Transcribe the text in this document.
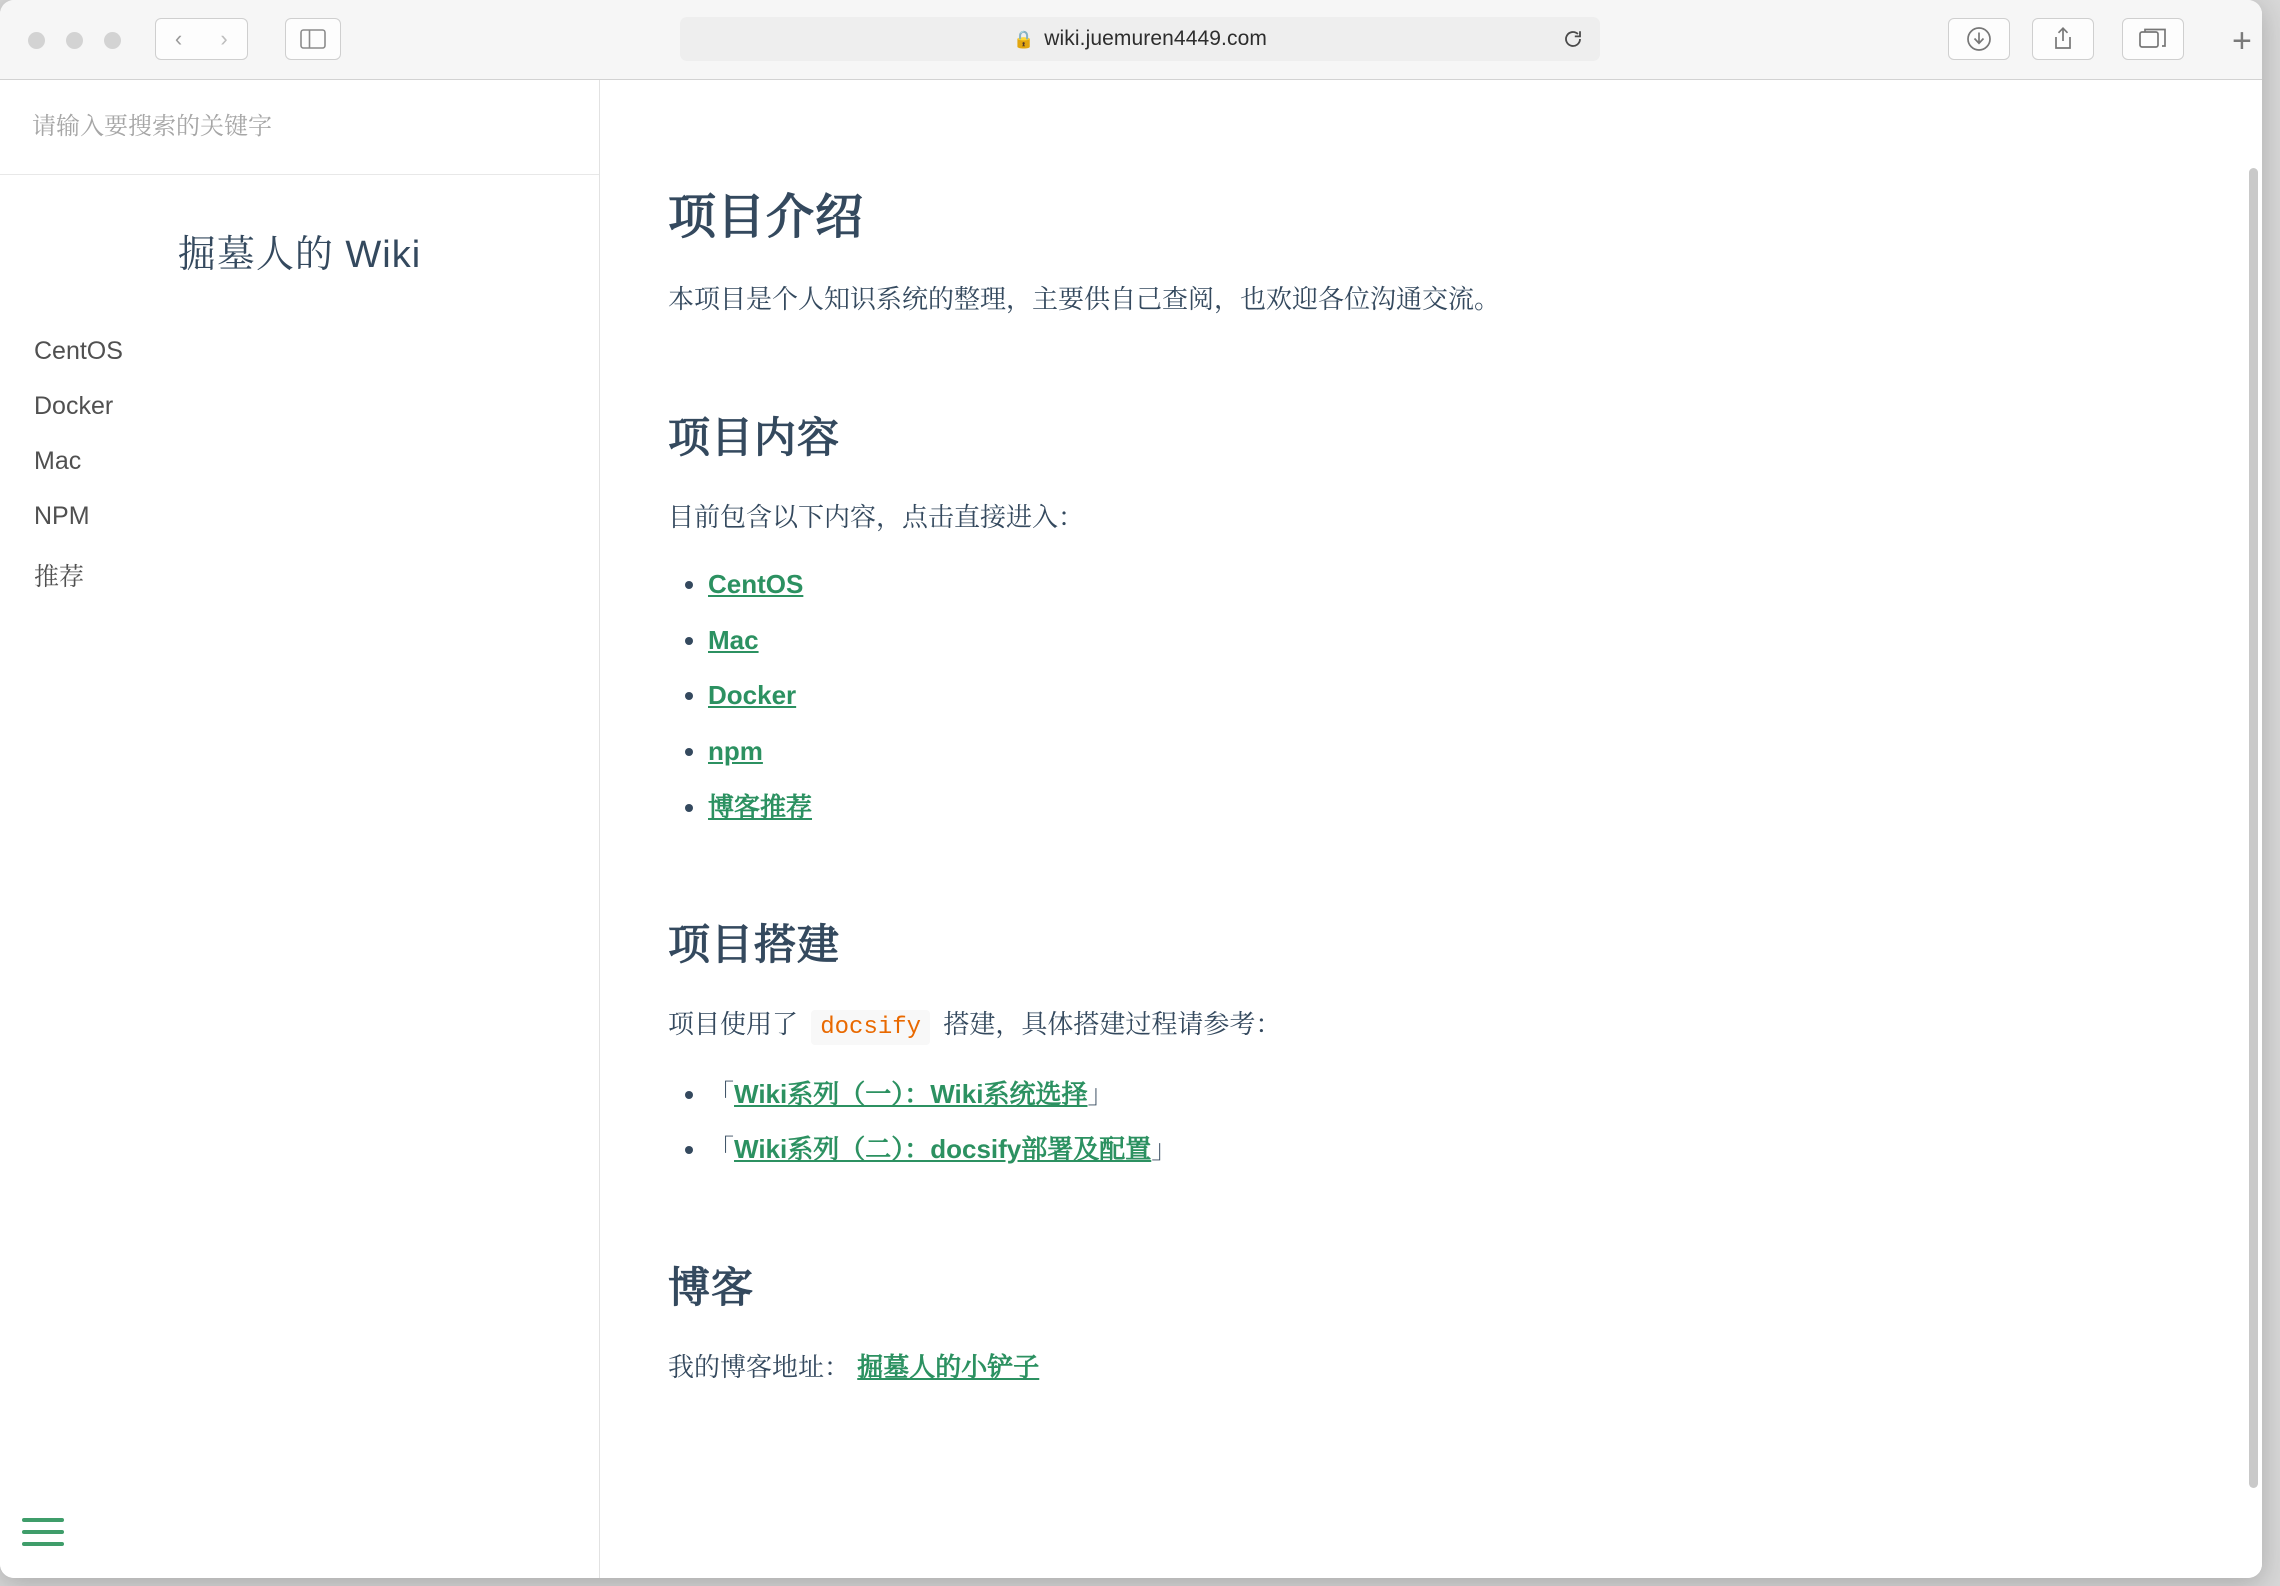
‹ ›	🔒 wiki.juemuren4449.com	+
请输入要搜索的关键字
掘墓人的 Wiki
CentOS
Docker
Mac
NPM
推荐
项目介绍

本项目是个人知识系统的整理，主要供自己查阅，也欢迎各位沟通交流。

项目内容

目前包含以下内容，点击直接进入：

• CentOS
• Mac
• Docker
• npm
• 博客推荐
项目搭建

项目使用了 docsify 搭建，具体搭建过程请参考：

• 「Wiki系列（一）：Wiki系统选择」
• 「Wiki系列（二）：docsify部署及配置」
博客

我的博客地址： 掘墓人的小铲子
